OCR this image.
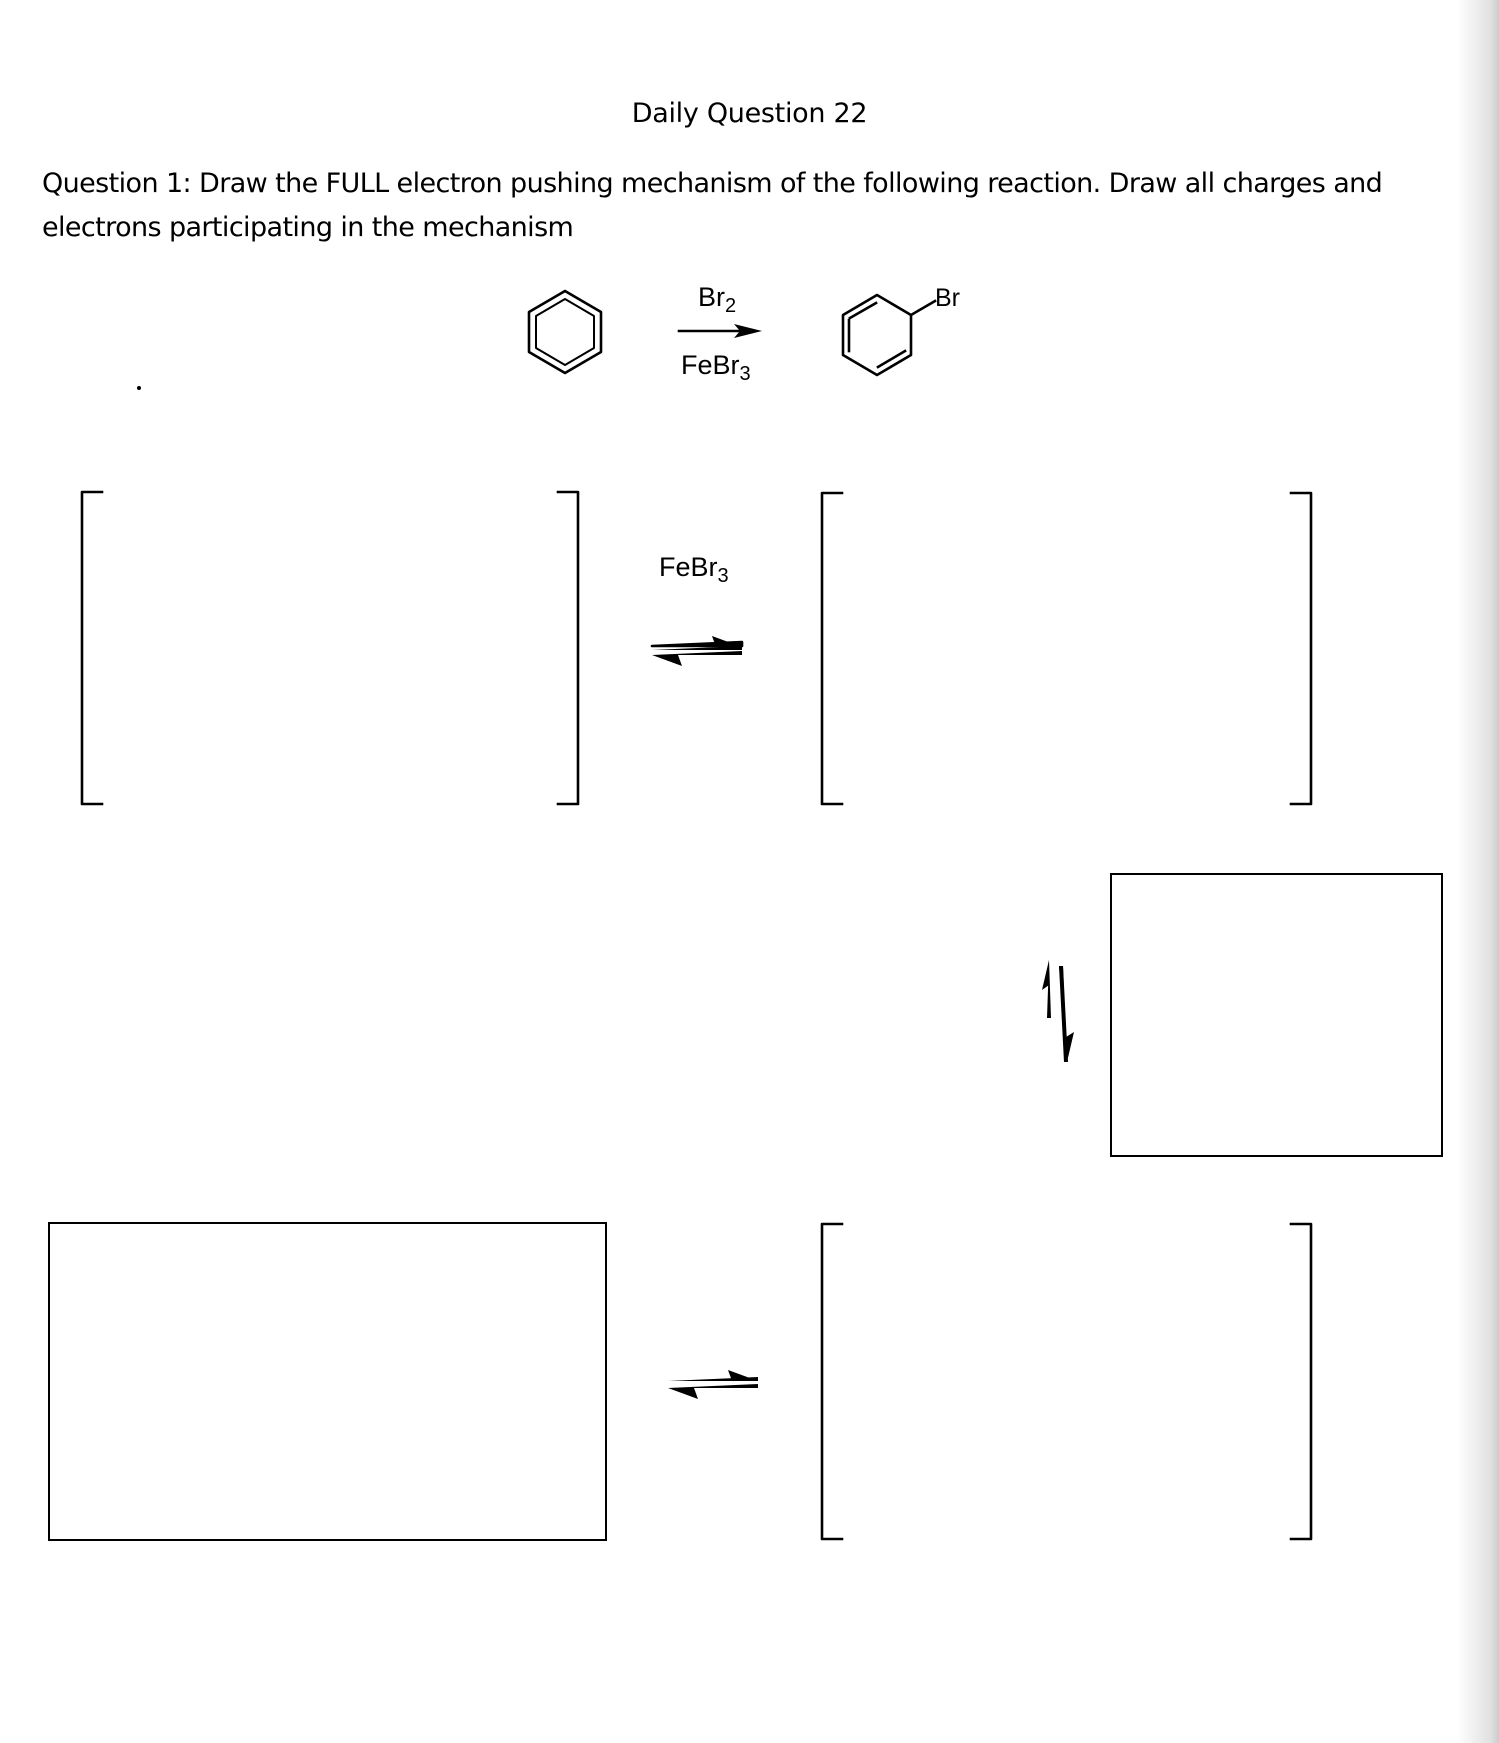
Daily Question 22
Question 1: Draw the FULL electron pushing mechanism of the following reaction. Draw all charges and electrons participating in the mechanism
$Br_2$
FeBr$_3$
Br
FeBr$_3$
